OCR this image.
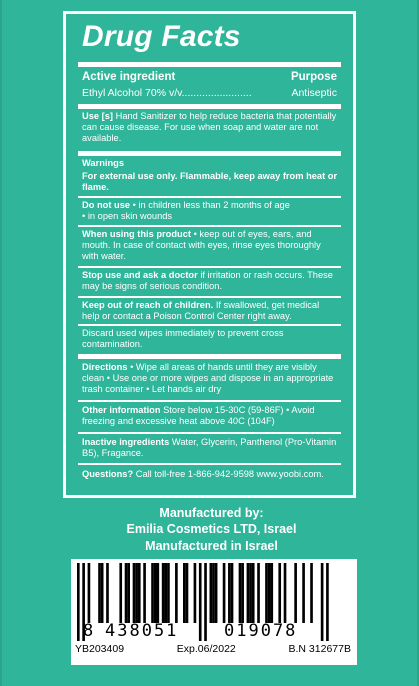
Drug Facts
Active ingredient	Purpose
Ethyl Alcohol 70% v/v........................	Antiseptic
Use [s] Hand Sanitizer to help reduce bacteria that potentially can cause disease. For use when soap and water are not available.
Warnings
For external use only. Flammable, keep away from heat or flame.
Do not use • in children less than 2 months of age
• in open skin wounds
When using this product • keep out of eyes, ears, and mouth. In case of contact with eyes, rinse eyes thoroughly with water.
Stop use and ask a doctor if irritation or rash occurs. These may be signs of serious condition.
Keep out of reach of children. If swallowed, get medical help or contact a Poison Control Center right away.
Discard used wipes immediately to prevent cross contamination.
Directions • Wipe all areas of hands until they are visibly clean • Use one or more wipes and dispose in an appropriate trash container • Let hands air dry
Other information Store below 15-30C (59-86F) • Avoid freezing and excessive heat above 40C (104F)
Inactive ingredients Water, Glycerin, Panthenol (Pro-Vitamin B5), Fragance.
Questions? Call toll-free 1-866-942-9598 www.yoobi.com.
Manufactured by:
Emilia Cosmetics LTD, Israel
Manufactured in Israel
8 438051	019078
YB203409	Exp.06/2022	B.N 312677B
